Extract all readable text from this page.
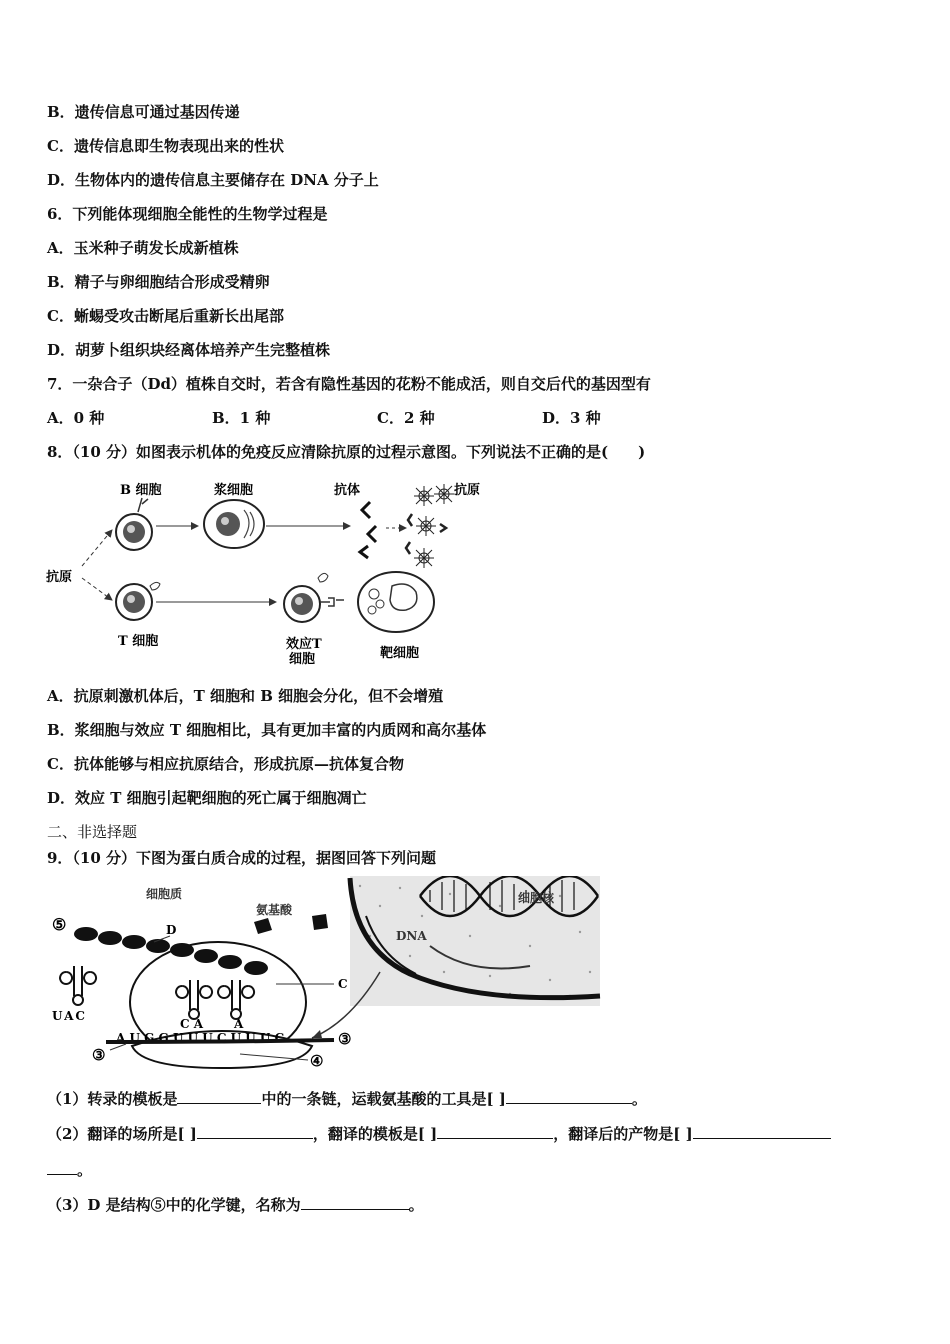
B．遗传信息可通过基因传递
C．遗传信息即生物表现出来的性状
D．生物体内的遗传信息主要储存在 DNA 分子上
6．下列能体现细胞全能性的生物学过程是
A．玉米种子萌发长成新植株
B．精子与卵细胞结合形成受精卵
C．蜥蜴受攻击断尾后重新长出尾部
D．胡萝卜组织块经离体培养产生完整植株
7．一杂合子（Dd）植株自交时，若含有隐性基因的花粉不能成活，则自交后代的基因型有
A．0 种	B．1 种	C．2 种	D．3 种
8．（10 分）如图表示机体的免疫反应清除抗原的过程示意图。下列说法不正确的是(　　)
B 细胞	浆细胞	抗体	抗原
抗原
T 细胞	效应T
细胞	靶细胞
A．抗原刺激机体后，T 细胞和 B 细胞会分化，但不会增殖
B．浆细胞与效应 T 细胞相比，具有更加丰富的内质网和高尔基体
C．抗体能够与相应抗原结合，形成抗原—抗体复合物
D．效应 T 细胞引起靶细胞的死亡属于细胞凋亡
二、非选择题
9．（10 分）下图为蛋白质合成的过程，据图回答下列问题
细胞质
氨基酸
细胞核
DNA
⑤	D
C
UAC
C A	A
A U G G U U U C U U U C
③
③
④
（1）转录的模板是	中的一条链，运载氨基酸的工具是[ ]	。
（2）翻译的场所是[ ]	，翻译的模板是[ ]	，翻译后的产物是[ ]
。
（3）D 是结构⑤中的化学键，名称为	。
